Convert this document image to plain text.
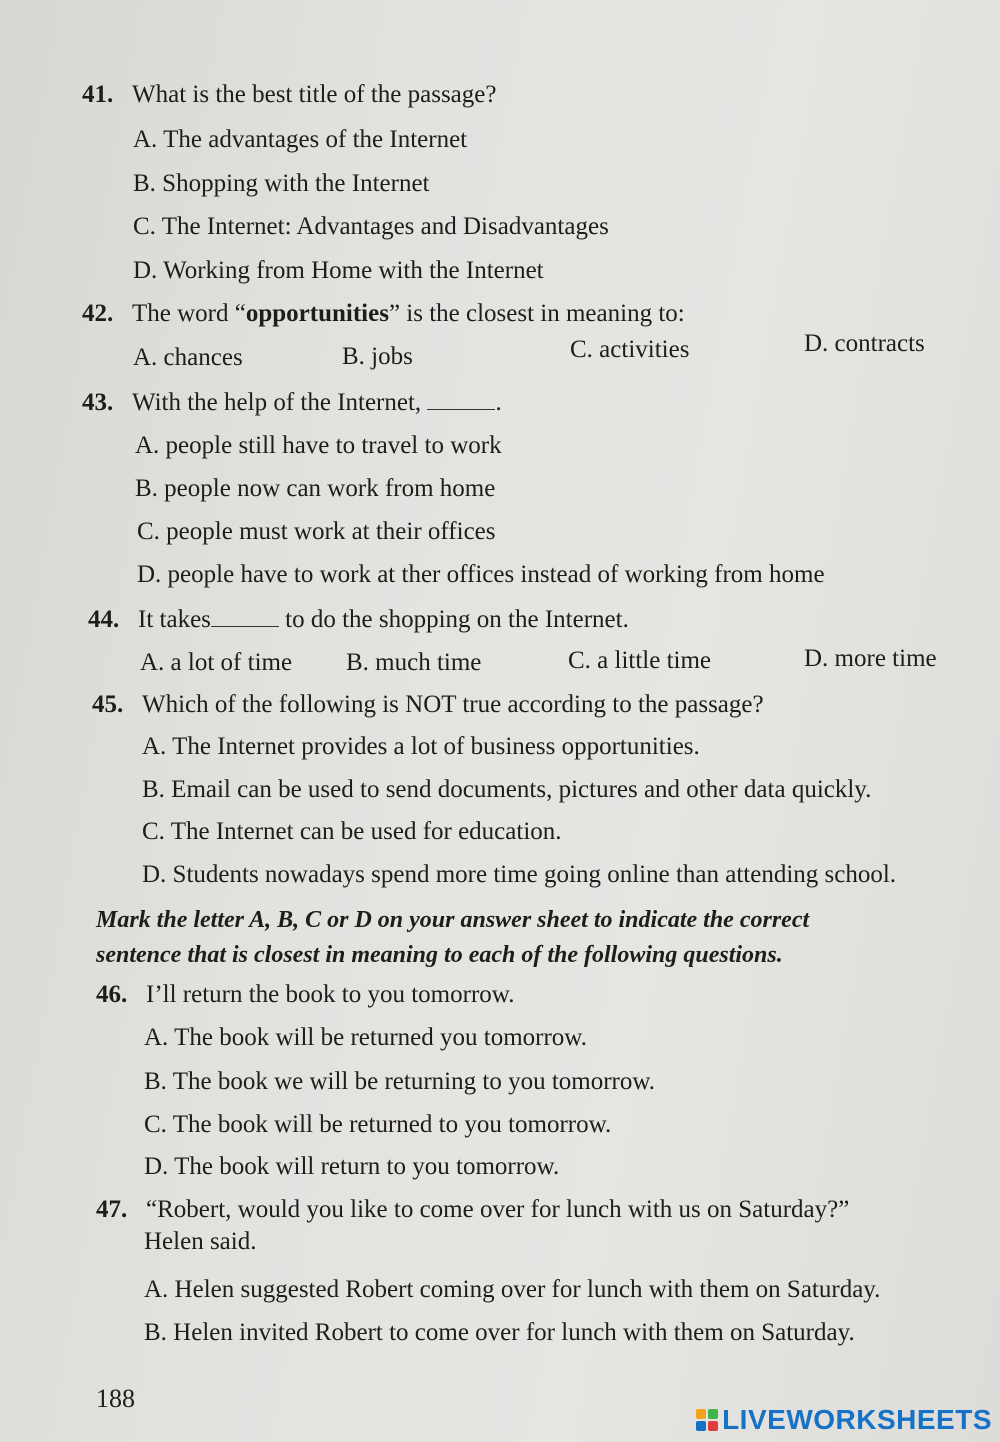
41. What is the best title of the passage?
A. The advantages of the Internet
B. Shopping with the Internet
C. The Internet: Advantages and Disadvantages
D. Working from Home with the Internet
42. The word “opportunities” is the closest in meaning to:
A. chances	B. jobs	C. activities	D. contracts
43. With the help of the Internet,	.
A. people still have to travel to work
B. people now can work from home
C. people must work at their offices
D. people have to work at ther offices instead of working from home
44. It takes	to do the shopping on the Internet.
A. a lot of time B. much time	C. a little time	D. more time
45. Which of the following is NOT true according to the passage?
A. The Internet provides a lot of business opportunities.
B. Email can be used to send documents, pictures and other data quickly.
C. The Internet can be used for education.
D. Students nowadays spend more time going online than attending school.
Mark the letter A, B, C or D on your answer sheet to indicate the correct
sentence that is closest in meaning to each of the following questions.
46. I’ll return the book to you tomorrow.
A. The book will be returned you tomorrow.
B. The book we will be returning to you tomorrow.
C. The book will be returned to you tomorrow.
D. The book will return to you tomorrow.
47. “Robert, would you like to come over for lunch with us on Saturday?”
Helen said.
A. Helen suggested Robert coming over for lunch with them on Saturday.
B. Helen invited Robert to come over for lunch with them on Saturday.
188
LIVEWORKSHEETS
